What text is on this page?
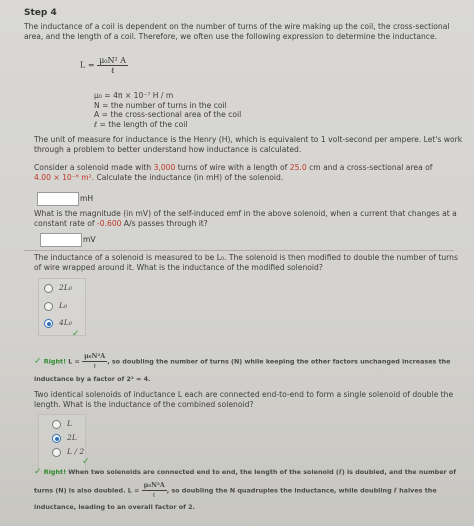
Step 4
The inductance of a coil is dependent on the number of turns of the wire making up the coil, the cross-sectional
area, and the length of a coil. Therefore, we often use the following expression to determine the inductance.
$L = \frac{\text{μ₀N² A}}{\text{ℓ}}$
μ₀ = 4π × 10⁻⁷ H / m
N = the number of turns in the coil
A = the cross-sectional area of the coil
ℓ = the length of the coil
The unit of measure for inductance is the Henry (H), which is equivalent to 1 volt-second per ampere. Let's work
through a problem to better understand how inductance is calculated.
Consider a solenoid made with 3,000 turns of wire with a length of 25.0 cm and a cross-sectional area of
4.00 × 10⁻⁶ m². Calculate the inductance (in mH) of the solenoid.
mH
What is the magnitude (in mV) of the self-induced emf in the above solenoid, when a current that changes at a
constant rate of -0.600 A/s passes through it?
mV
The inductance of a solenoid is measured to be L₀. The solenoid is then modified to double the number of turns
of wire wrapped around it. What is the inductance of the modified solenoid?
2L₀
L₀
4L₀
✓
✓ Right! $L = \frac{\text{μ₀N²A}}{\text{ℓ}}$ , so doubling the number of turns (N) while keeping the other factors unchanged increases the
inductance by a factor of 2² = 4.
Two identical solenoids of inductance L each are connected end-to-end to form a single solenoid of double the
length. What is the inductance of the combined solenoid?
L
2L
L / 2
✓
✓ Right! When two solenoids are connected end to end, the length of the solenoid (ℓ) is doubled, and the number of
turns (N) is also doubled. $L = \frac{\text{μ₀N²A}}{\text{ℓ}}$ , so doubling the N quadruples the inductance, while doubling ℓ halves the
inductance, leading to an overall factor of 2.
